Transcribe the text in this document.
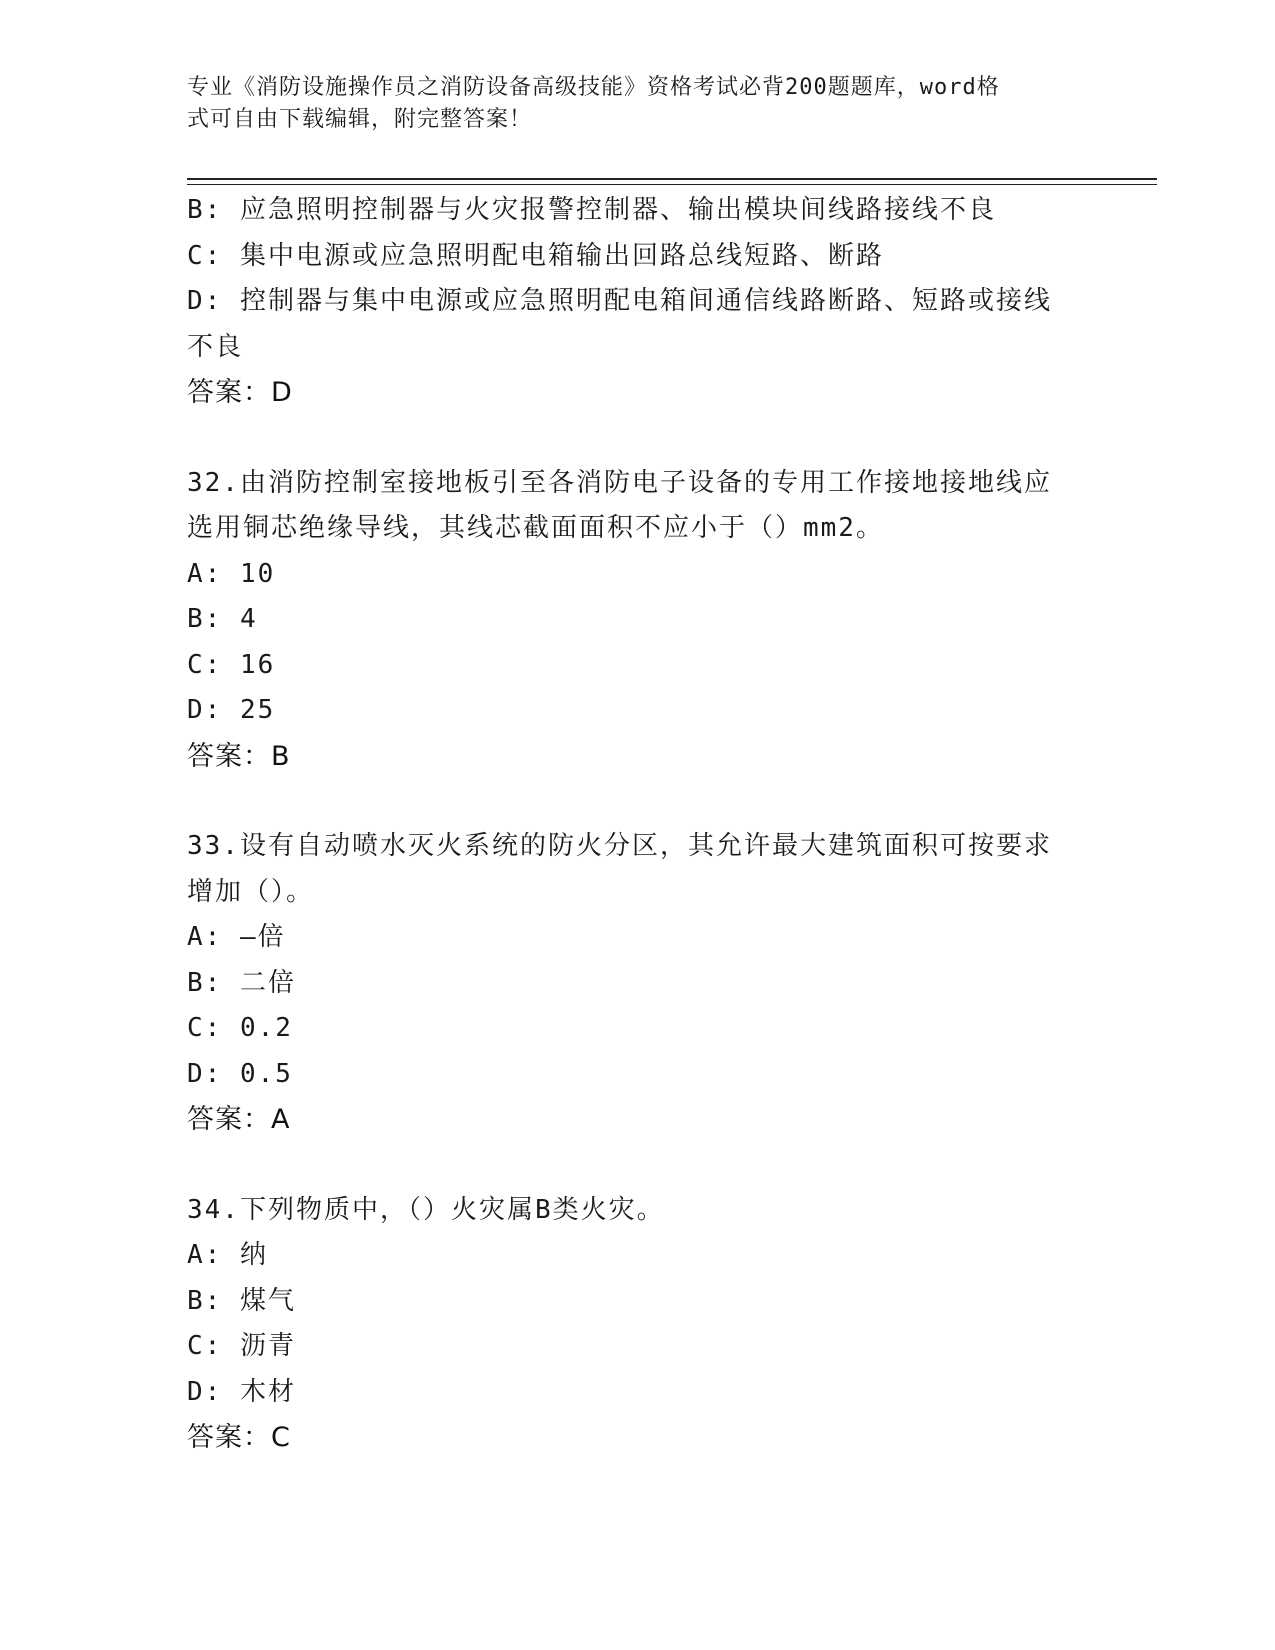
专业《消防设施操作员之消防设备高级技能》资格考试必背200题题库，word格
式可自由下载编辑，附完整答案！
B: 应急照明控制器与火灾报警控制器、输出模块间线路接线不良
C: 集中电源或应急照明配电箱输出回路总线短路、断路
D: 控制器与集中电源或应急照明配电箱间通信线路断路、短路或接线
不良
答案：D
32.由消防控制室接地板引至各消防电子设备的专用工作接地接地线应
选用铜芯绝缘导线，其线芯截面面积不应小于（）mm2。
A: 10
B: 4
C: 16
D: 25
答案：B
33.设有自动喷水灭火系统的防火分区，其允许最大建筑面积可按要求
增加（）。
A: —倍
B: 二倍
C: 0.2
D: 0.5
答案：A
34.下列物质中，（）火灾属B类火灾。
A: 纳
B: 煤气
C: 沥青
D: 木材
答案：C
